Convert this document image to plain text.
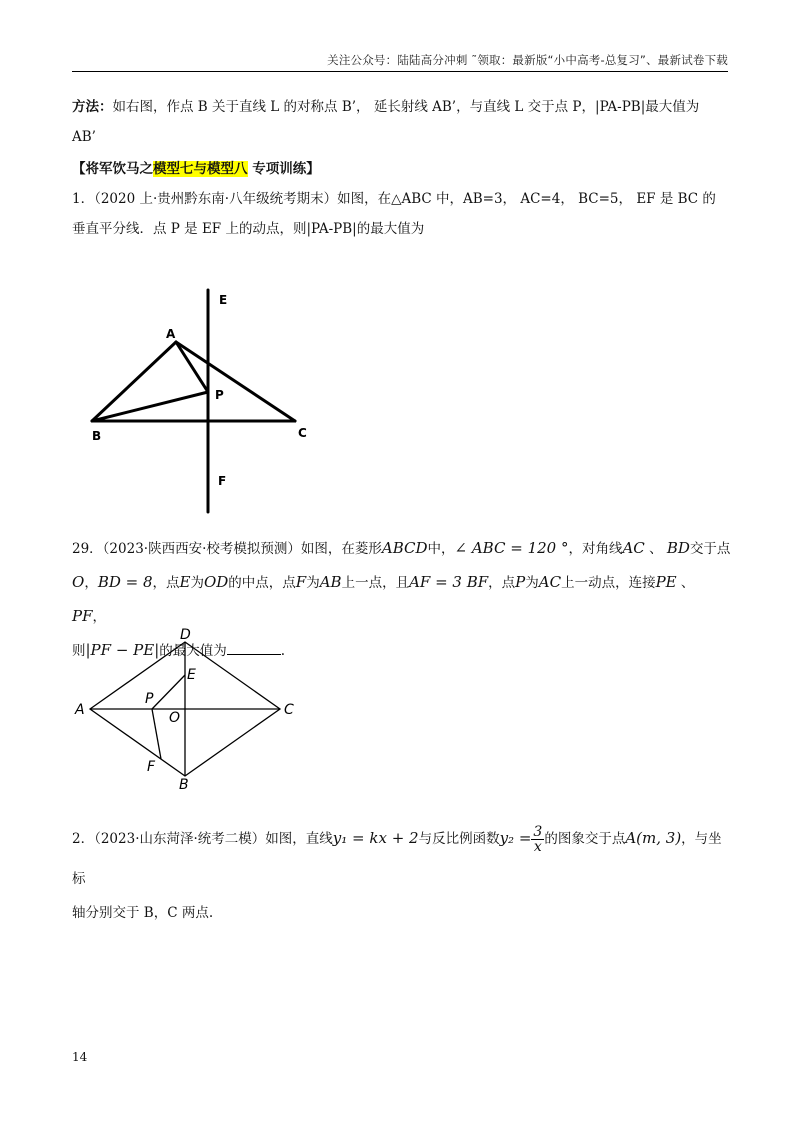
关注公众号：陆陆高分冲刺 ˜领取：最新版“小中高考-总复习”、最新试卷下载
方法：如右图，作点 B 关于直线 L 的对称点 B’， 延长射线 AB’，与直线 L 交于点 P，|PA-PB|最大值为
AB’
【将军饮马之模型七与模型八 专项训练】
1．（2020 上·贵州黔东南·八年级统考期末）如图，在△ABC 中，AB=3， AC=4， BC=5， EF 是 BC 的
垂直平分线．点 P 是 EF 上的动点，则|PA-PB|的最大值为
E
A
P
B	C
F
29．（2023·陕西西安·校考模拟预测）如图，在菱形ABCD中，∠ ABC = 120 °，对角线AC 、 BD交于点
O，BD = 8，点E为OD的中点，点F为AB上一点，且AF = 3 BF，点P为AC上一动点，连接PE 、 PF，
则|PF − PE|的最大值为	.
D
E
P
A	O	C
F
B
2．（2023·山东菏泽·统考二模）如图，直线y₁ = kx + 2与反比例函数$y_2 = \frac{3}{x}$ 的图象交于点A(m, 3)，与坐标
轴分别交于 B，C 两点.
14
